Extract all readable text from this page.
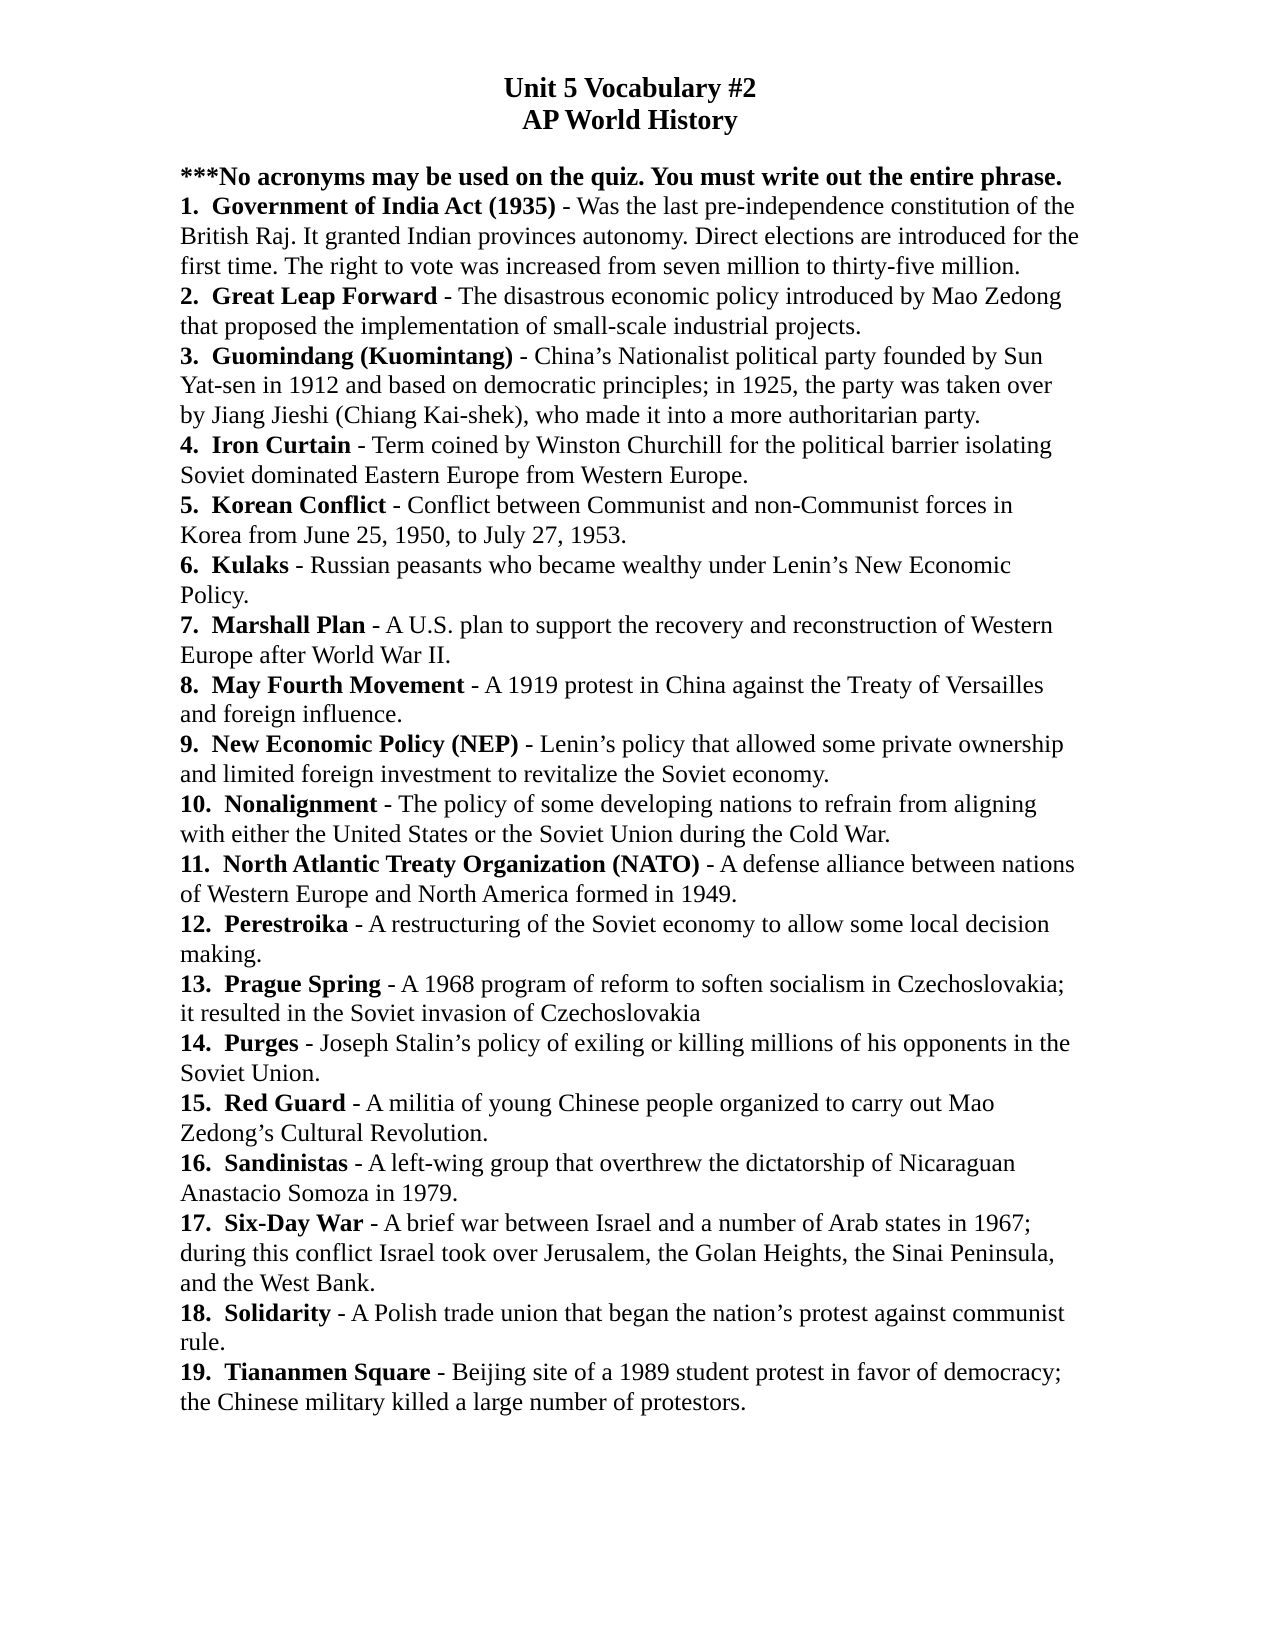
Unit 5 Vocabulary #2
AP World History
***No acronyms may be used on the quiz. You must write out the entire phrase.

1. Government of India Act (1935) - Was the last pre-independence constitution of the British Raj. It granted Indian provinces autonomy. Direct elections are introduced for the first time. The right to vote was increased from seven million to thirty-five million.

2. Great Leap Forward - The disastrous economic policy introduced by Mao Zedong that proposed the implementation of small-scale industrial projects.

3. Guomindang (Kuomintang) - China’s Nationalist political party founded by Sun Yat-sen in 1912 and based on democratic principles; in 1925, the party was taken over by Jiang Jieshi (Chiang Kai-shek), who made it into a more authoritarian party.

4. Iron Curtain - Term coined by Winston Churchill for the political barrier isolating Soviet dominated Eastern Europe from Western Europe.

5. Korean Conflict - Conflict between Communist and non-Communist forces in Korea from June 25, 1950, to July 27, 1953.

6. Kulaks - Russian peasants who became wealthy under Lenin’s New Economic Policy.

7. Marshall Plan - A U.S. plan to support the recovery and reconstruction of Western Europe after World War II.

8. May Fourth Movement - A 1919 protest in China against the Treaty of Versailles and foreign influence.

9. New Economic Policy (NEP) - Lenin’s policy that allowed some private ownership and limited foreign investment to revitalize the Soviet economy.

10. Nonalignment - The policy of some developing nations to refrain from aligning with either the United States or the Soviet Union during the Cold War.

11. North Atlantic Treaty Organization (NATO) - A defense alliance between nations of Western Europe and North America formed in 1949.

12. Perestroika - A restructuring of the Soviet economy to allow some local decision making.

13. Prague Spring - A 1968 program of reform to soften socialism in Czechoslovakia; it resulted in the Soviet invasion of Czechoslovakia

14. Purges - Joseph Stalin’s policy of exiling or killing millions of his opponents in the Soviet Union.

15. Red Guard - A militia of young Chinese people organized to carry out Mao Zedong’s Cultural Revolution.

16. Sandinistas - A left-wing group that overthrew the dictatorship of Nicaraguan Anastacio Somoza in 1979.

17. Six-Day War - A brief war between Israel and a number of Arab states in 1967; during this conflict Israel took over Jerusalem, the Golan Heights, the Sinai Peninsula, and the West Bank.

18. Solidarity - A Polish trade union that began the nation’s protest against communist rule.

19. Tiananmen Square - Beijing site of a 1989 student protest in favor of democracy; the Chinese military killed a large number of protestors.
